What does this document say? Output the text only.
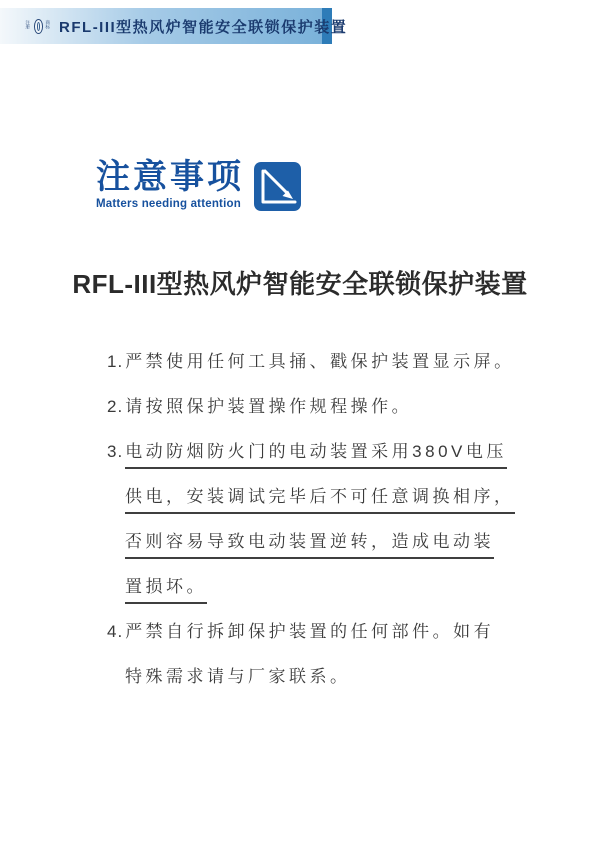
注册
商标 RFL-III型热风炉智能安全联锁保护装置
注意事项
Matters needing attention
RFL-III型热风炉智能安全联锁保护装置
1. 严禁使用任何工具捅、戳保护装置显示屏。
2. 请按照保护装置操作规程操作。
3. 电动防烟防火门的电动装置采用380V电压
供电，安装调试完毕后不可任意调换相序，
否则容易导致电动装置逆转，造成电动装
置损坏。
4. 严禁自行拆卸保护装置的任何部件。如有
特殊需求请与厂家联系。
